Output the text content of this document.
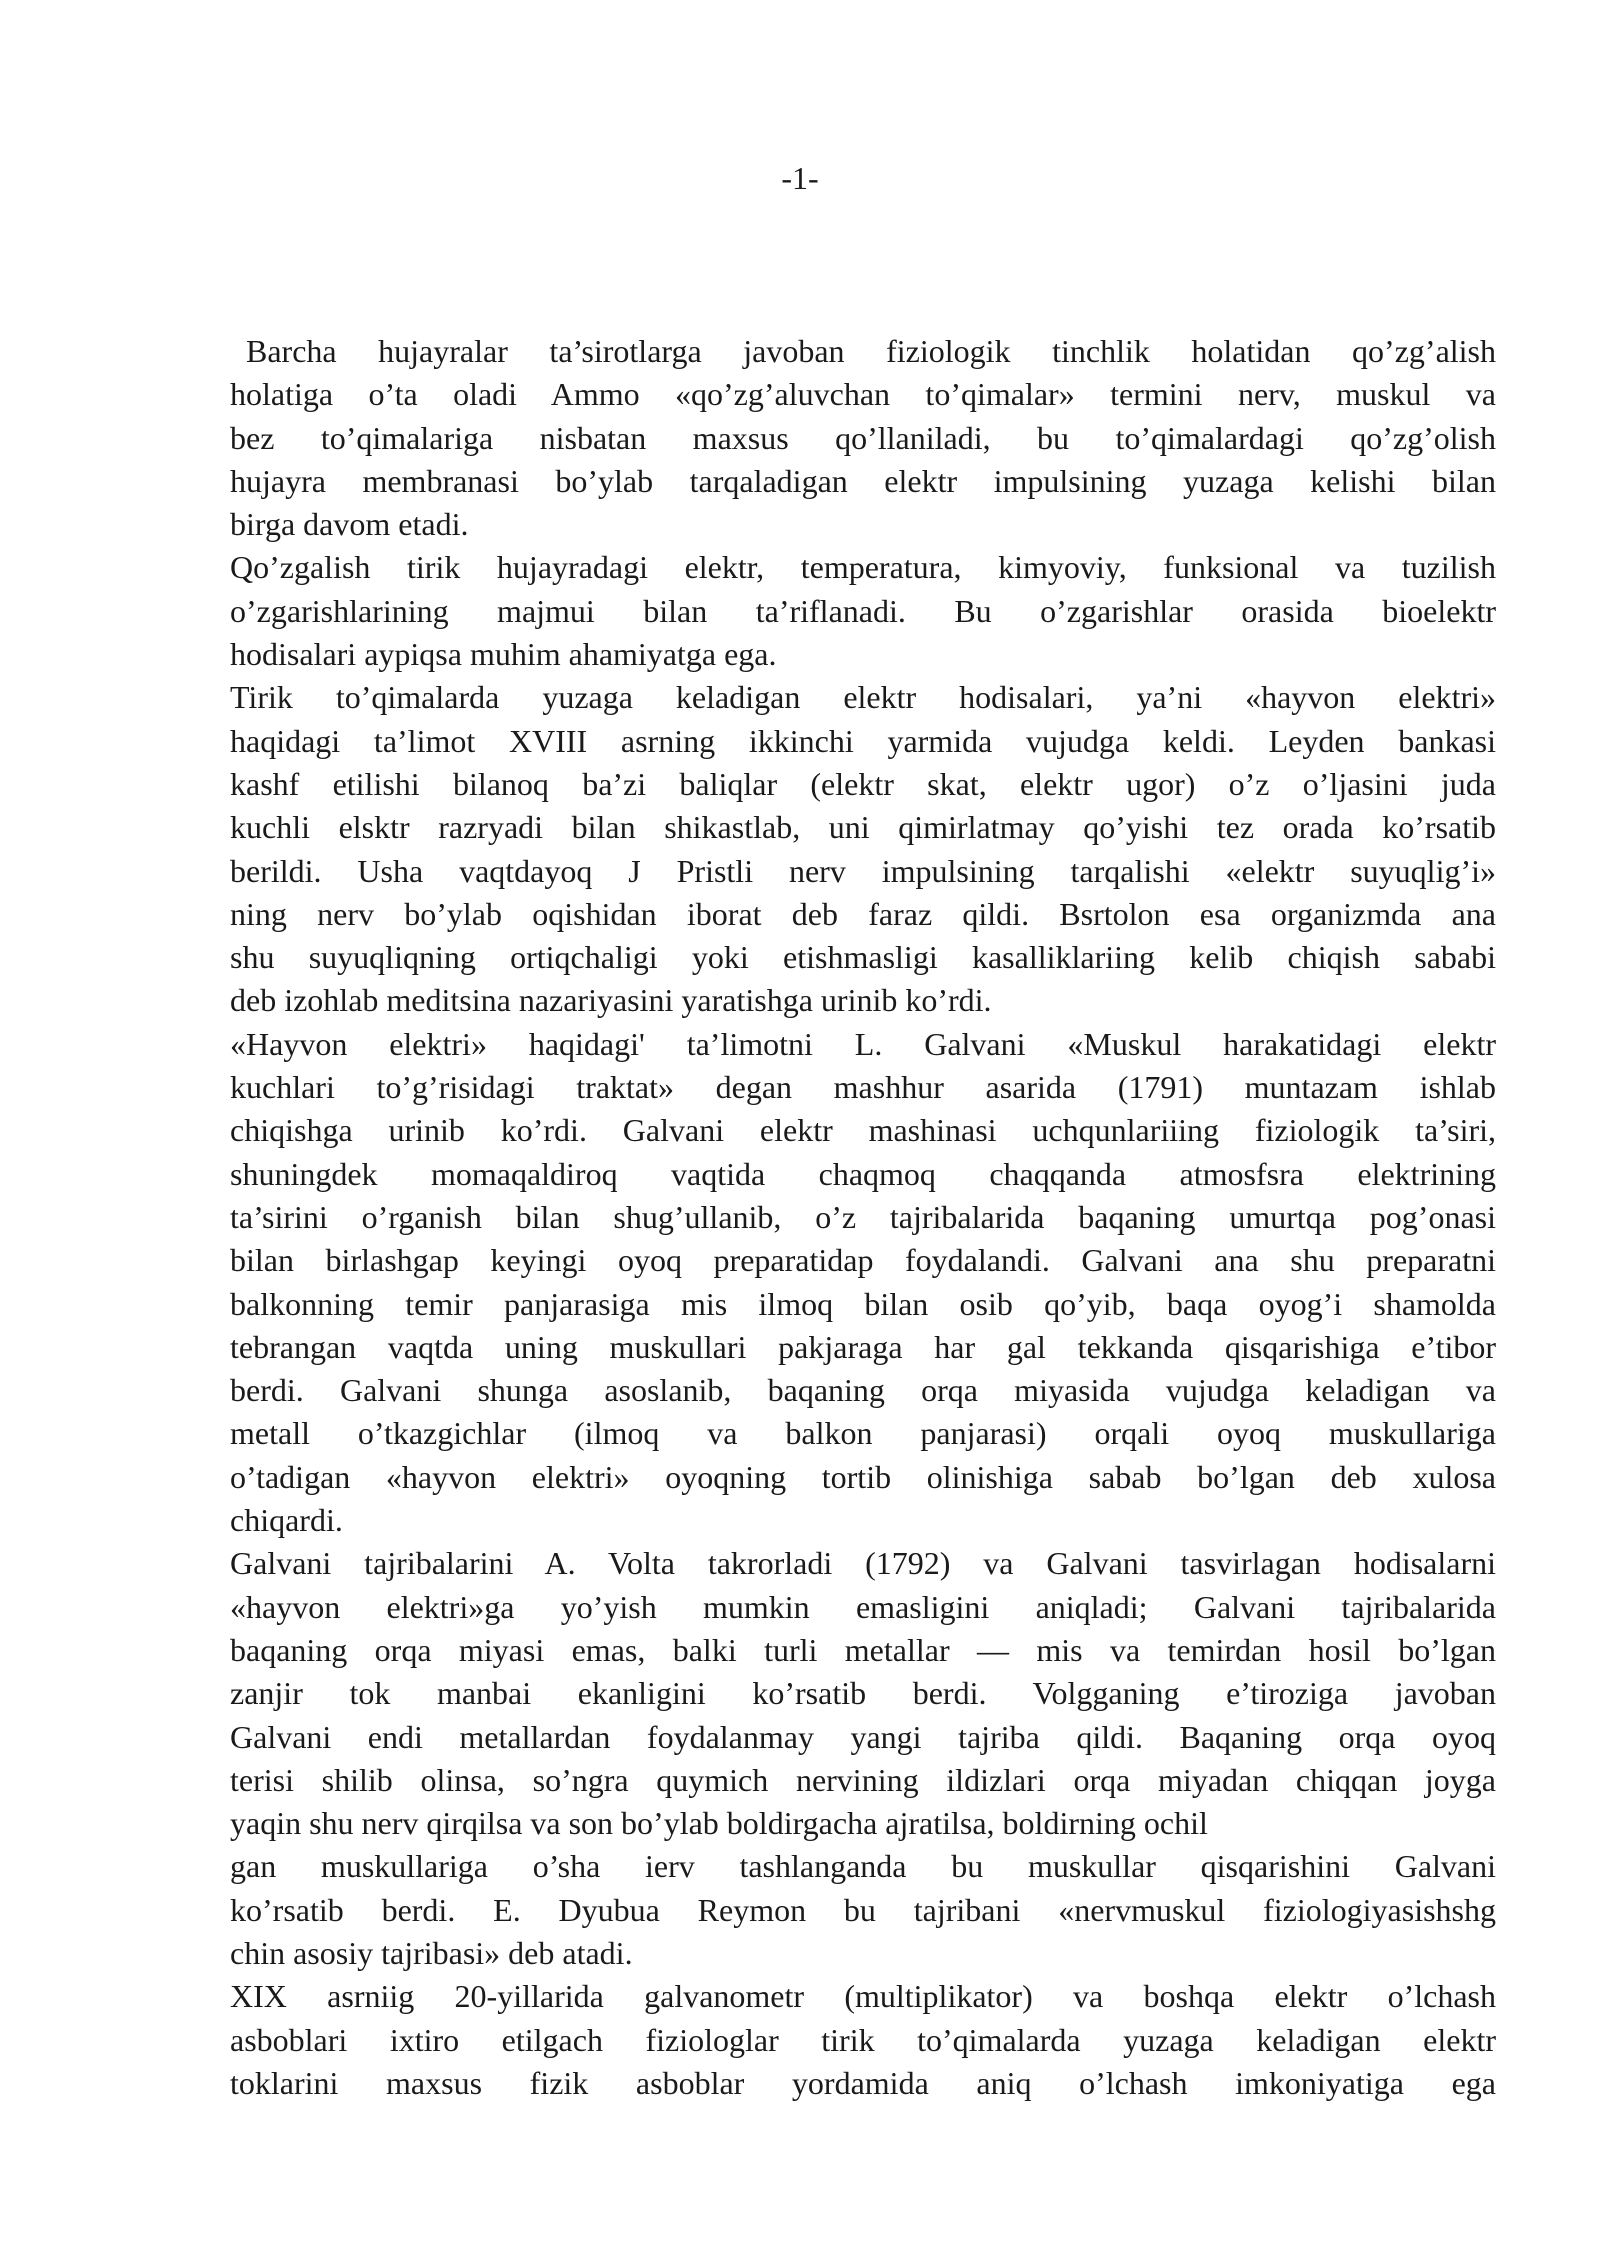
-1-
Barcha hujayralar ta’sirotlarga javoban fiziologik tinchlik holatidan qo’zg’alish
holatiga o’ta oladi Ammo «qo’zg’aluvchan to’qimalar» termini nerv, muskul va
bez to’qimalariga nisbatan maxsus qo’llaniladi, bu to’qimalardagi qo’zg’olish
hujayra membranasi bo’ylab tarqaladigan elektr impulsining yuzaga kelishi bilan
birga davom etadi.
Qo’zgalish tirik hujayradagi elektr, temperatura, kimyoviy, funksional va tuzilish
o’zgarishlarining majmui bilan ta’riflanadi. Bu o’zgarishlar orasida bioelektr
hodisalari aypiqsa muhim ahamiyatga ega.
Tirik to’qimalarda yuzaga keladigan elektr hodisalari, ya’ni «hayvon elektri»
haqidagi ta’limot XVIII asrning ikkinchi yarmida vujudga keldi. Leyden bankasi
kashf etilishi bilanoq ba’zi baliqlar (elektr skat, elektr ugor) o’z o’ljasini juda
kuchli elsktr razryadi bilan shikastlab, uni qimirlatmay qo’yishi tez orada ko’rsatib
berildi. Usha vaqtdayoq J Pristli nerv impulsining tarqalishi «elektr suyuqlig’i»
ning nerv bo’ylab oqishidan iborat deb faraz qildi. Bsrtolon esa organizmda ana
shu suyuqliqning ortiqchaligi yoki etishmasligi kasalliklariing kelib chiqish sababi
deb izohlab meditsina nazariyasini yaratishga urinib ko’rdi.
«Hayvon elektri» haqidagi' ta’limotni L. Galvani «Muskul harakatidagi elektr
kuchlari to’g’risidagi traktat» degan mashhur asarida (1791) muntazam ishlab
chiqishga urinib ko’rdi. Galvani elektr mashinasi uchqunlariiing fiziologik ta’siri,
shuningdek momaqaldiroq vaqtida chaqmoq chaqqanda atmosfsra elektrining
ta’sirini o’rganish bilan shug’ullanib, o’z tajribalarida baqaning umurtqa pog’onasi
bilan birlashgap keyingi oyoq preparatidap foydalandi. Galvani ana shu preparatni
balkonning temir panjarasiga mis ilmoq bilan osib qo’yib, baqa oyog’i shamolda
tebrangan vaqtda uning muskullari pakjaraga har gal tekkanda qisqarishiga e’tibor
berdi. Galvani shunga asoslanib, baqaning orqa miyasida vujudga keladigan va
metall o’tkazgichlar (ilmoq va balkon panjarasi) orqali oyoq muskullariga
o’tadigan «hayvon elektri» oyoqning tortib olinishiga sabab bo’lgan deb xulosa
chiqardi.
Galvani tajribalarini A. Volta takrorladi (1792) va Galvani tasvirlagan hodisalarni
«hayvon elektri»ga yo’yish mumkin emasligini aniqladi; Galvani tajribalarida
baqaning orqa miyasi emas, balki turli metallar — mis va temirdan hosil bo’lgan
zanjir tok manbai ekanligini ko’rsatib berdi. Volgganing e’tiroziga javoban
Galvani endi metallardan foydalanmay yangi tajriba qildi. Baqaning orqa oyoq
terisi shilib olinsa, so’ngra quymich nervining ildizlari orqa miyadan chiqqan joyga
yaqin shu nerv qirqilsa va son bo’ylab boldirgacha ajratilsa, boldirning ochil
gan muskullariga o’sha ierv tashlanganda bu muskullar qisqarishini Galvani
ko’rsatib berdi. E. Dyubua Reymon bu tajribani «nervmuskul fiziologiyasishshg
chin asosiy tajribasi» deb atadi.
XIX asrniig 20-yillarida galvanometr (multiplikator) va boshqa elektr o’lchash
asboblari ixtiro etilgach fiziologlar tirik to’qimalarda yuzaga keladigan elektr
toklarini maxsus fizik asboblar yordamida aniq o’lchash imkoniyatiga ega
